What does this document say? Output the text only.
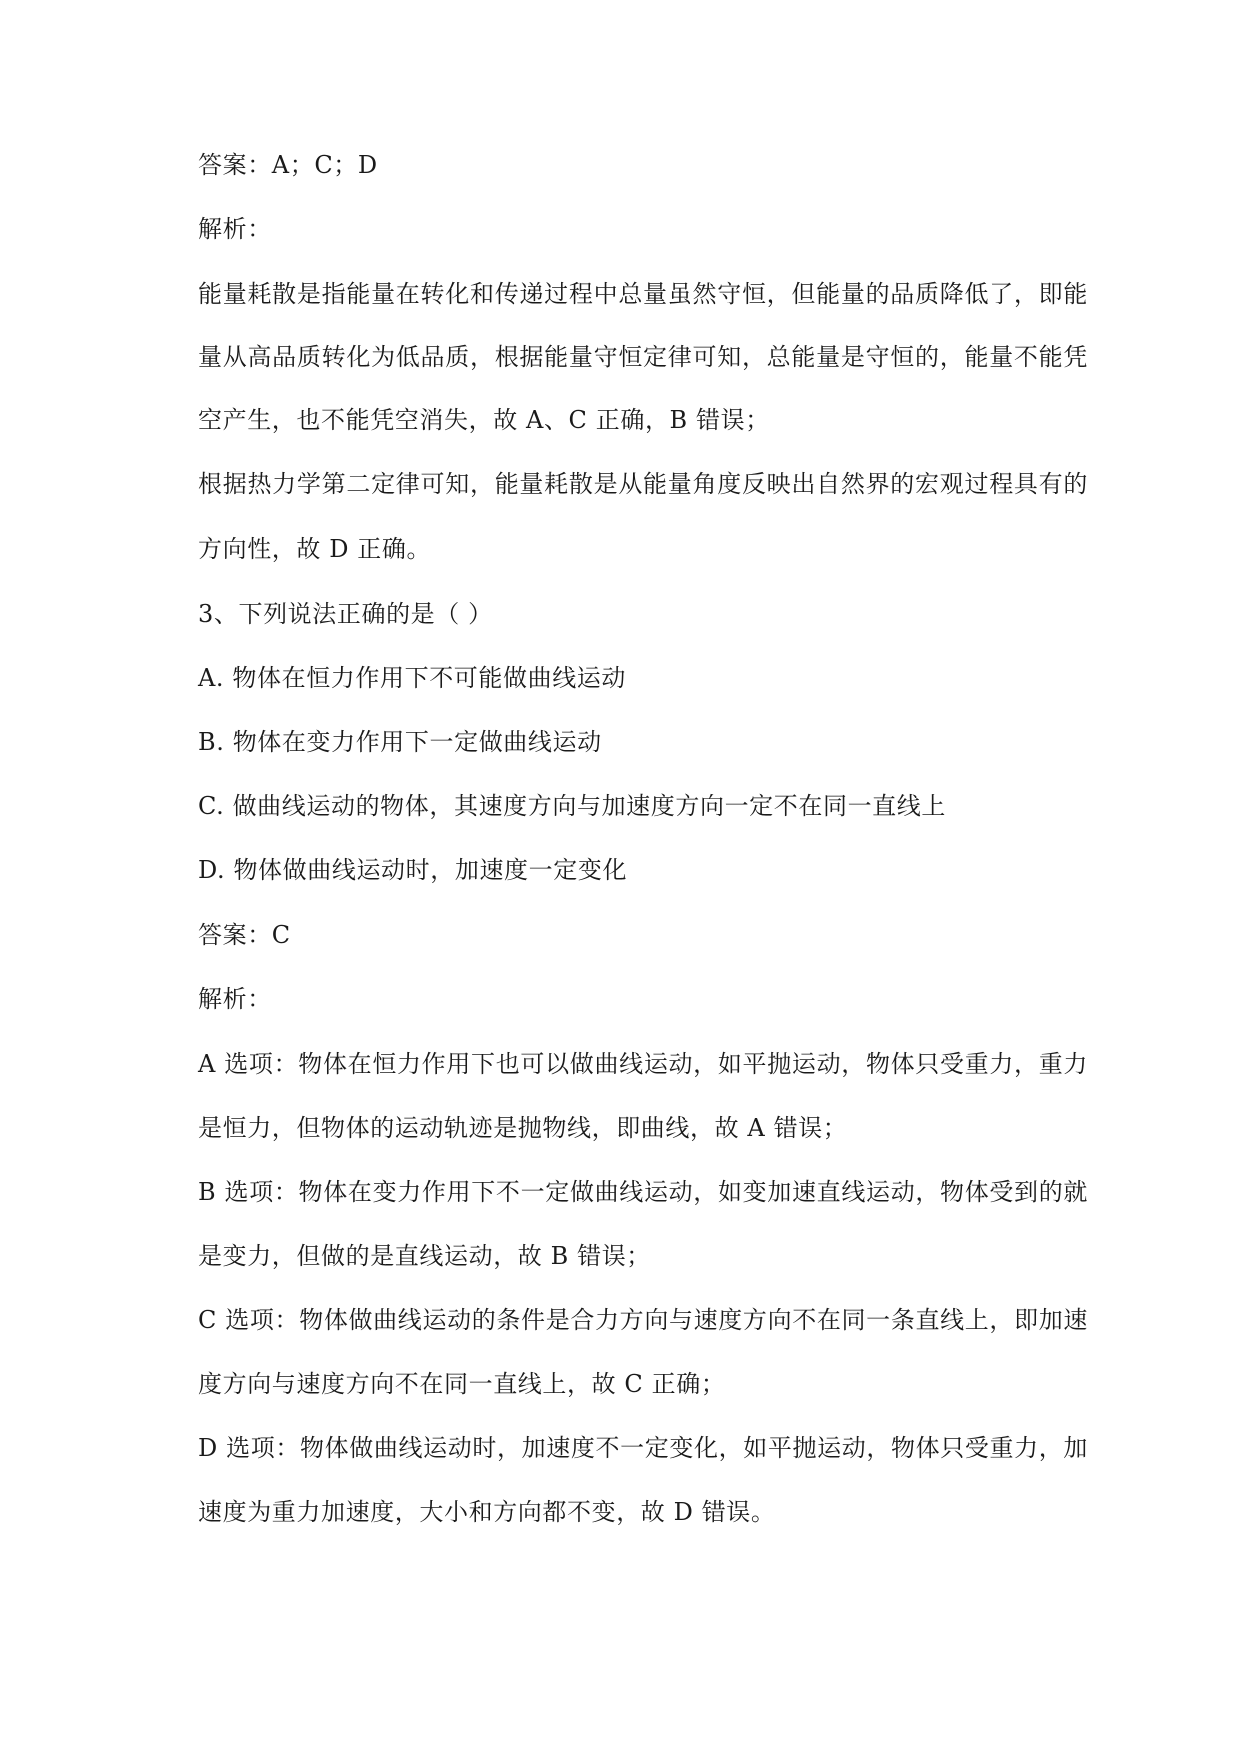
答案：A；C；D
解析：
能量耗散是指能量在转化和传递过程中总量虽然守恒，但能量的品质降低了，即能
量从高品质转化为低品质，根据能量守恒定律可知，总能量是守恒的，能量不能凭
空产生，也不能凭空消失，故 A、C 正确，B 错误；
根据热力学第二定律可知，能量耗散是从能量角度反映出自然界的宏观过程具有的
方向性，故 D 正确。
3、下列说法正确的是（ ）
A. 物体在恒力作用下不可能做曲线运动
B. 物体在变力作用下一定做曲线运动
C. 做曲线运动的物体，其速度方向与加速度方向一定不在同一直线上
D. 物体做曲线运动时，加速度一定变化
答案：C
解析：
A 选项：物体在恒力作用下也可以做曲线运动，如平抛运动，物体只受重力，重力
是恒力，但物体的运动轨迹是抛物线，即曲线，故 A 错误；
B 选项：物体在变力作用下不一定做曲线运动，如变加速直线运动，物体受到的就
是变力，但做的是直线运动，故 B 错误；
C 选项：物体做曲线运动的条件是合力方向与速度方向不在同一条直线上，即加速
度方向与速度方向不在同一直线上，故 C 正确；
D 选项：物体做曲线运动时，加速度不一定变化，如平抛运动，物体只受重力，加
速度为重力加速度，大小和方向都不变，故 D 错误。
